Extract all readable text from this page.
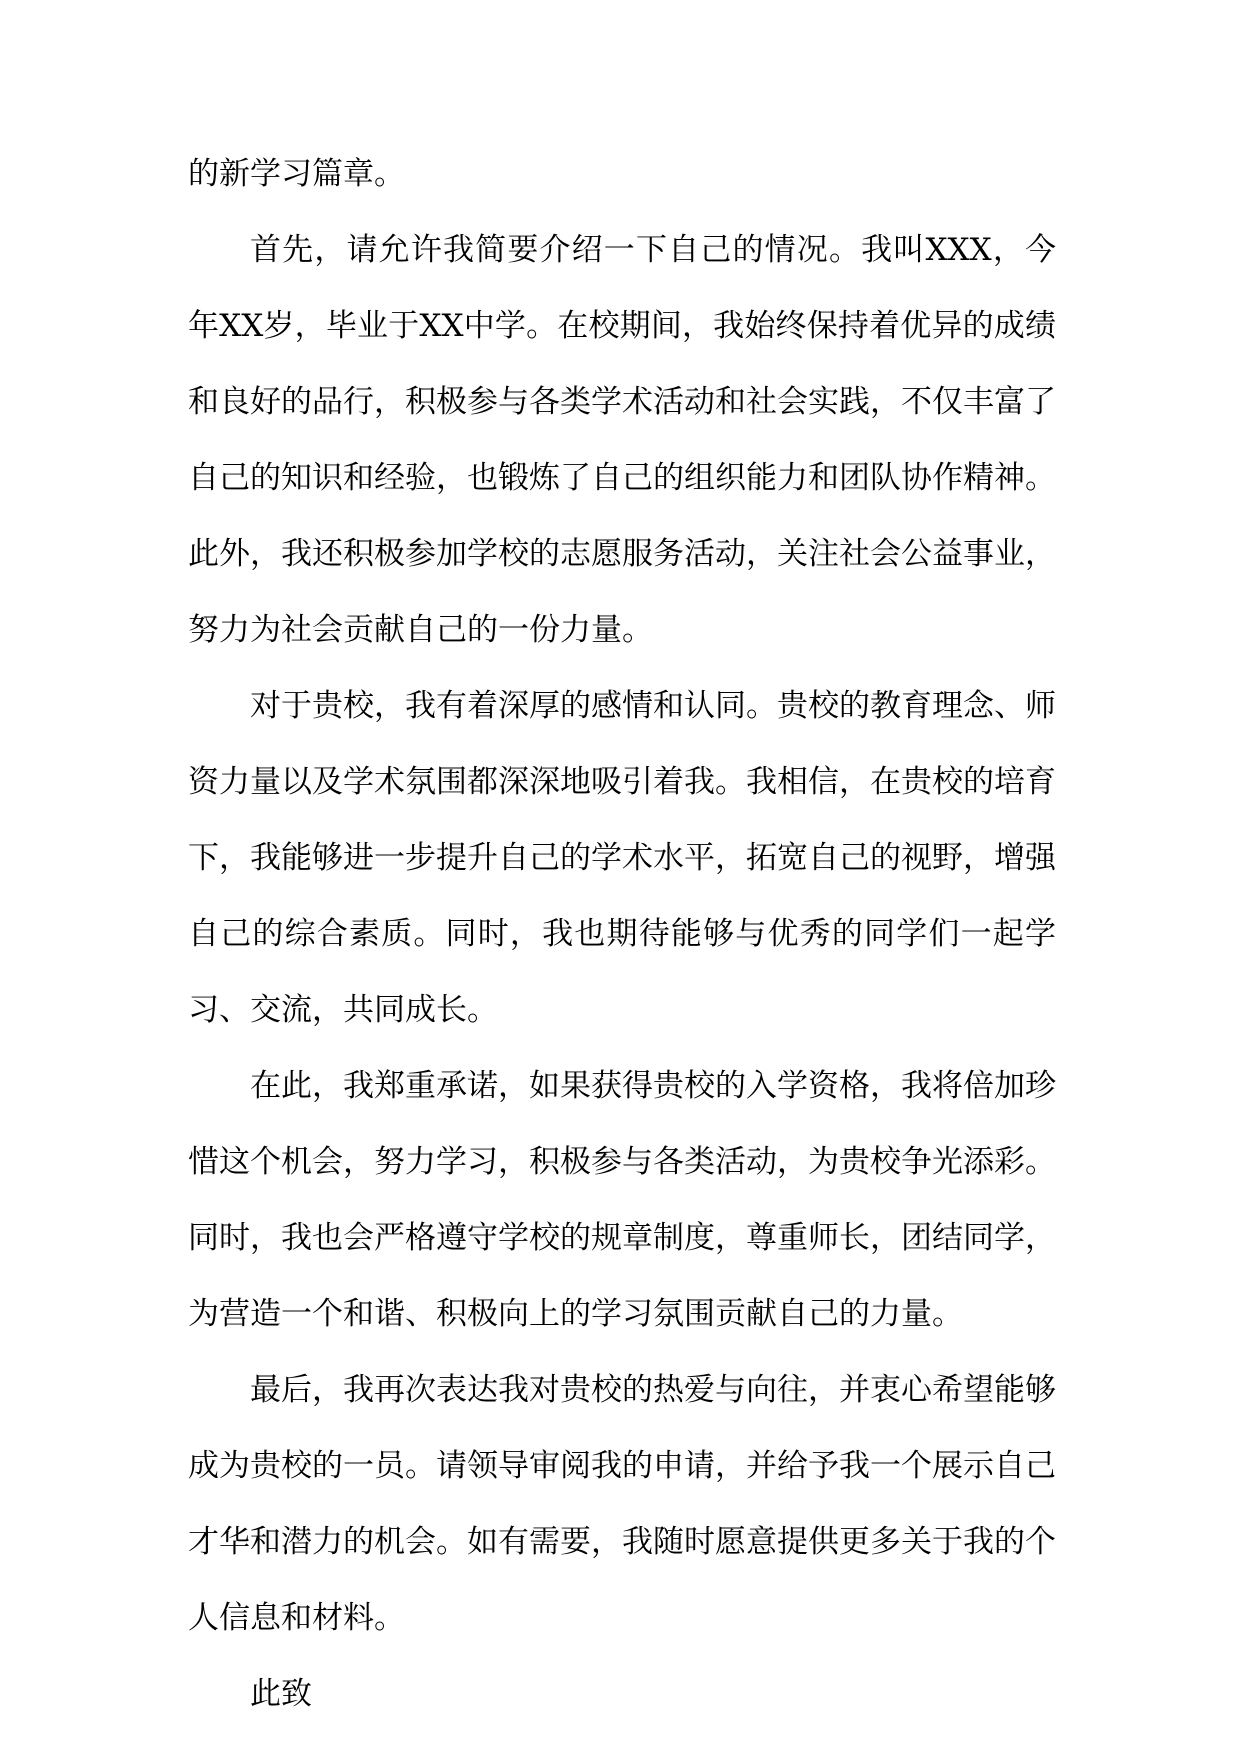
的新学习篇章。

首先，请允许我简要介绍一下自己的情况。我叫XXX，今年XX岁，毕业于XX中学。在校期间，我始终保持着优异的成绩和良好的品行，积极参与各类学术活动和社会实践，不仅丰富了自己的知识和经验，也锻炼了自己的组织能力和团队协作精神。此外，我还积极参加学校的志愿服务活动，关注社会公益事业，努力为社会贡献自己的一份力量。

对于贵校，我有着深厚的感情和认同。贵校的教育理念、师资力量以及学术氛围都深深地吸引着我。我相信，在贵校的培育下，我能够进一步提升自己的学术水平，拓宽自己的视野，增强自己的综合素质。同时，我也期待能够与优秀的同学们一起学习、交流，共同成长。

在此，我郑重承诺，如果获得贵校的入学资格，我将倍加珍惜这个机会，努力学习，积极参与各类活动，为贵校争光添彩。同时，我也会严格遵守学校的规章制度，尊重师长，团结同学，为营造一个和谐、积极向上的学习氛围贡献自己的力量。

最后，我再次表达我对贵校的热爱与向往，并衷心希望能够成为贵校的一员。请领导审阅我的申请，并给予我一个展示自己才华和潜力的机会。如有需要，我随时愿意提供更多关于我的个人信息和材料。

此致
